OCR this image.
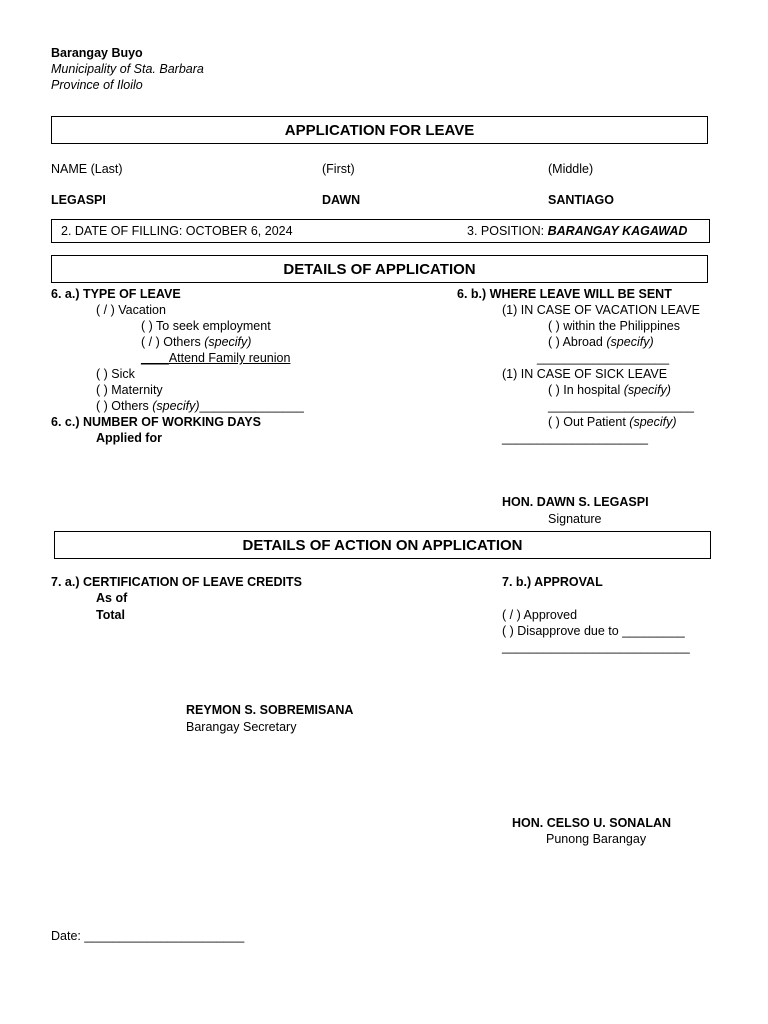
Barangay Buyo
Municipality of Sta. Barbara
Province of Iloilo
APPLICATION FOR LEAVE
NAME (Last)	(First)	(Middle)
LEGASPI	DAWN	SANTIAGO
2. DATE OF FILLING: OCTOBER 6, 2024	3. POSITION: BARANGAY KAGAWAD
DETAILS OF APPLICATION
6. a.) TYPE OF LEAVE
( / ) Vacation
( ) To seek employment
( / ) Others (specify)
____Attend Family reunion
( ) Sick
( ) Maternity
( ) Others (specify)_______________
6. c.) NUMBER OF WORKING DAYS
Applied for
6. b.) WHERE LEAVE WILL BE SENT
(1) IN CASE OF VACATION LEAVE
( ) within the Philippines
( ) Abroad (specify)
___________________
(1) IN CASE OF SICK LEAVE
( ) In hospital (specify)
_____________________
( ) Out Patient (specify)
_____________________
HON. DAWN S. LEGASPI
Signature
DETAILS OF ACTION ON APPLICATION
7. a.) CERTIFICATION OF LEAVE CREDITS
As of
Total
7. b.) APPROVAL
( / ) Approved
( ) Disapprove due to _________
___________________________
REYMON S. SOBREMISANA
Barangay Secretary
HON. CELSO U. SONALAN
Punong Barangay
Date: _______________________
